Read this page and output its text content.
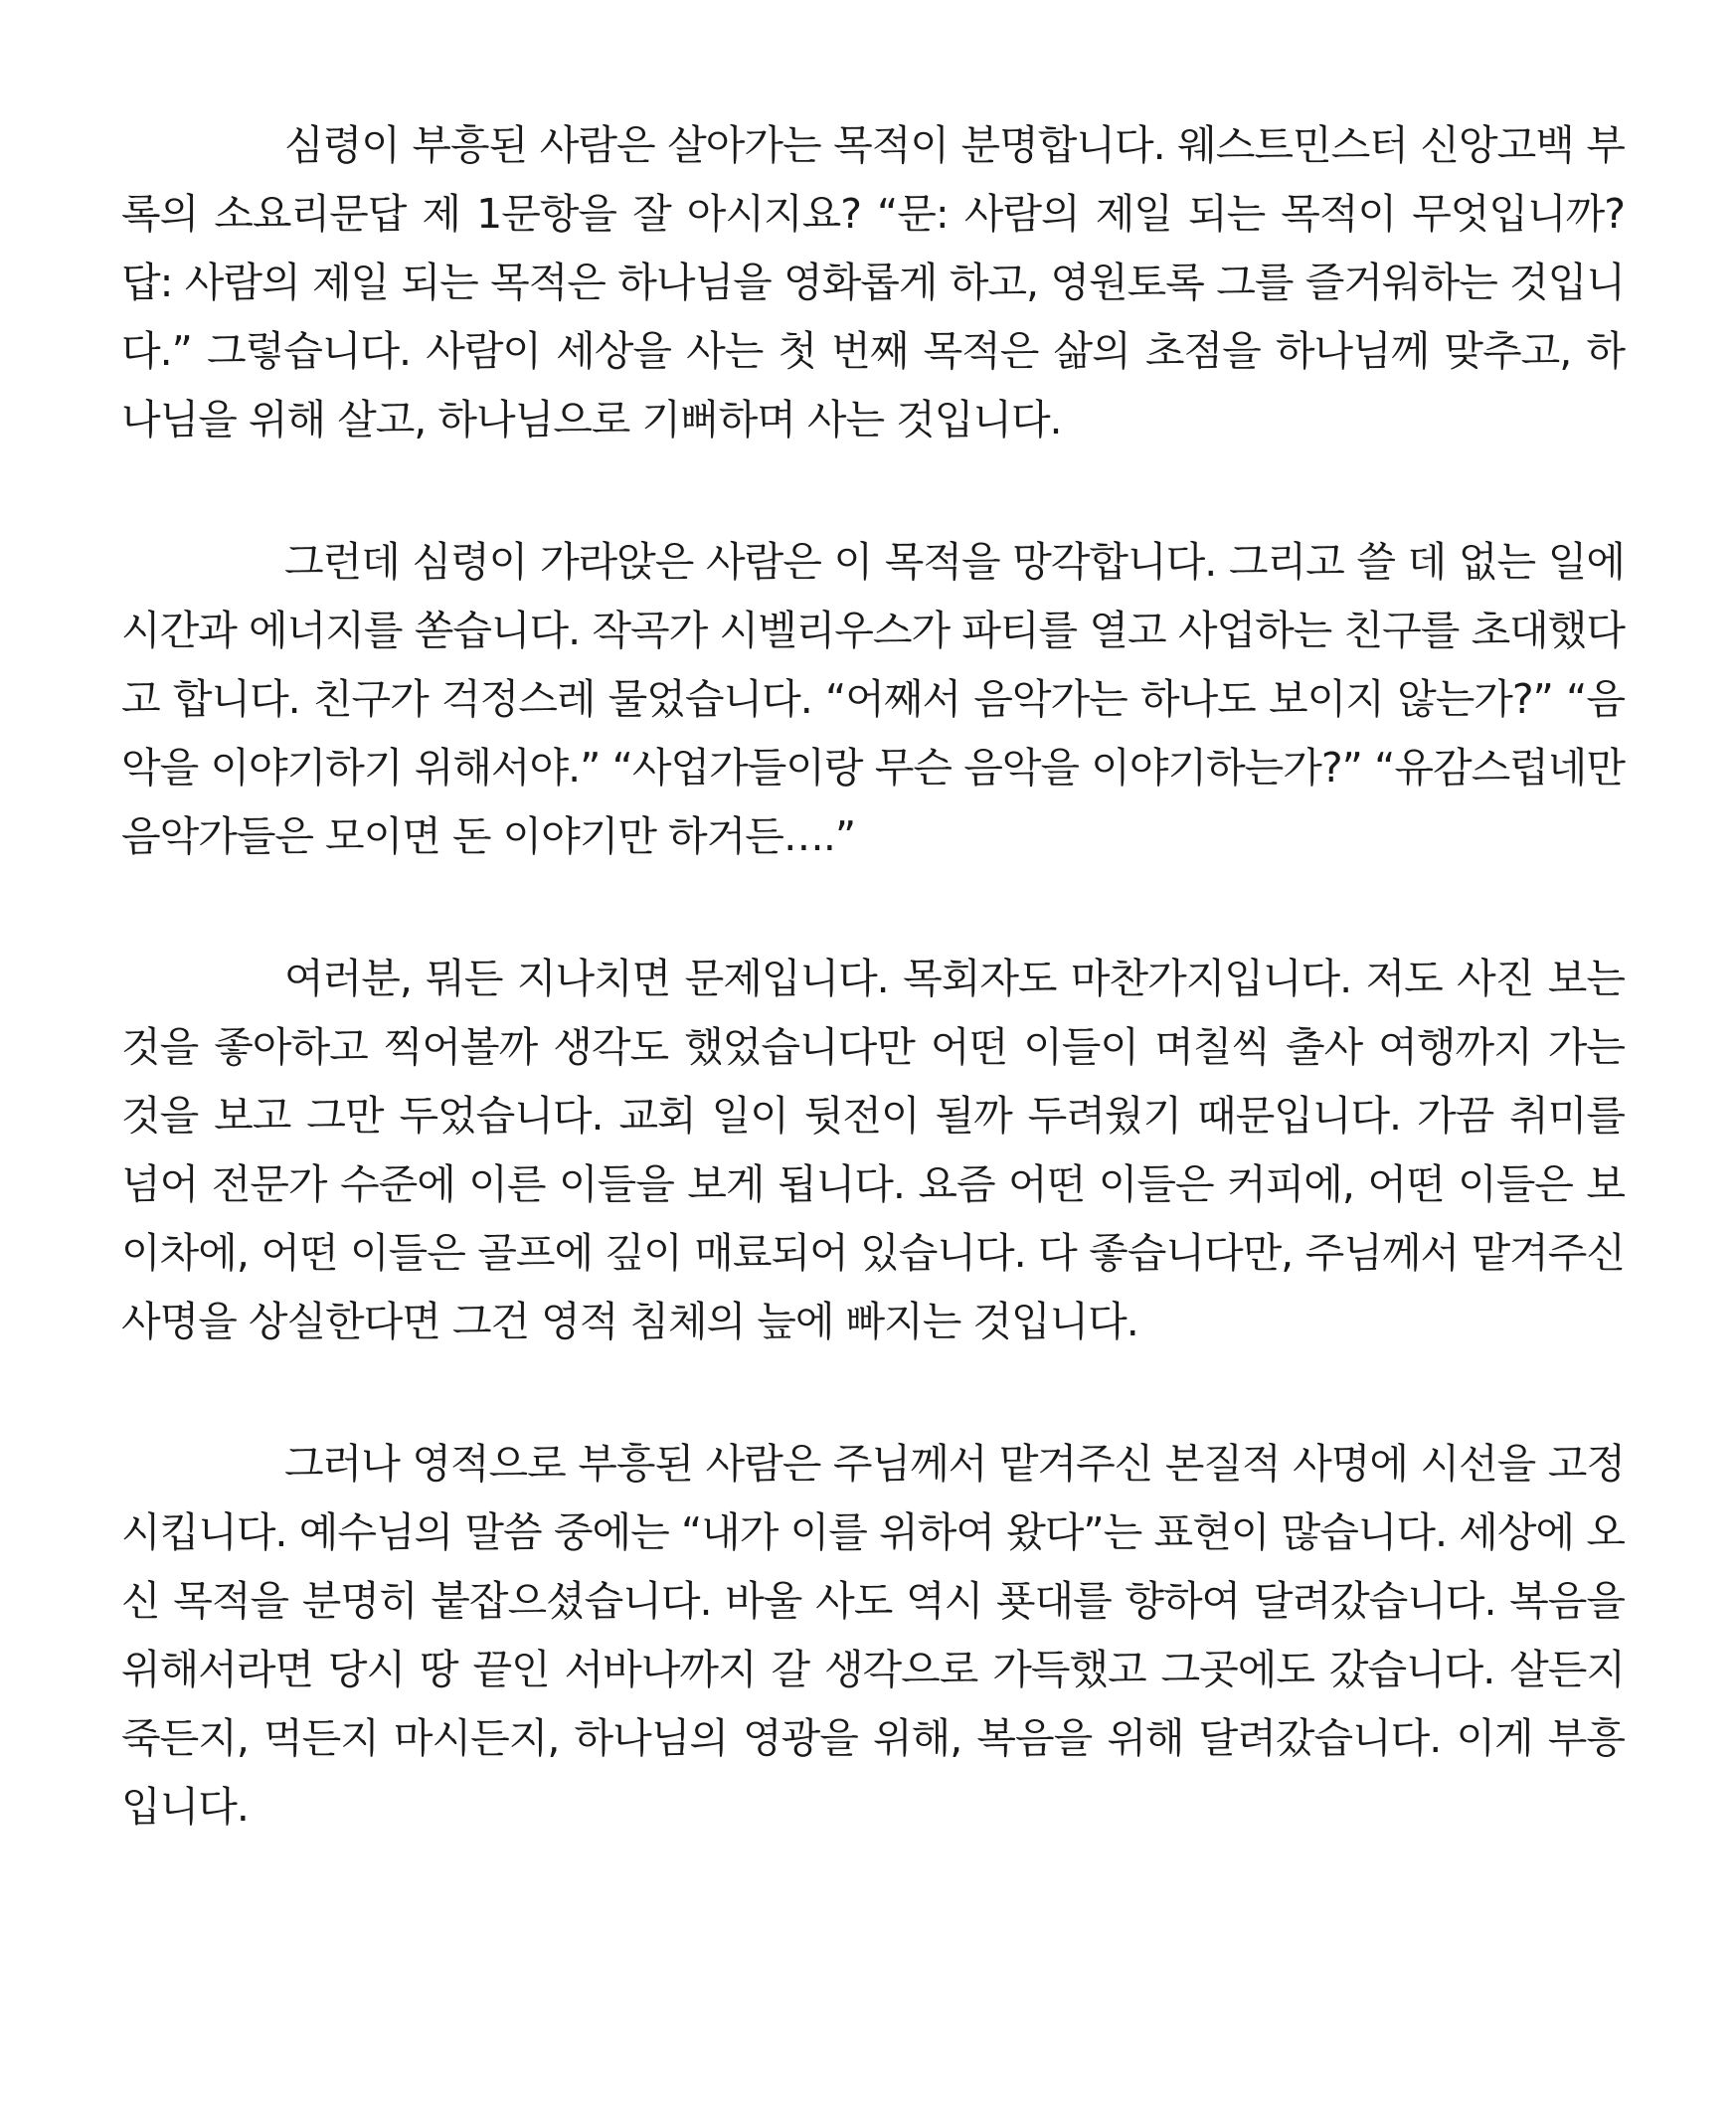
심령이 부흥된 사람은 살아가는 목적이 분명합니다. 웨스트민스터 신앙고백 부록의 소요리문답 제 1문항을 잘 아시지요? “문: 사람의 제일 되는 목적이 무엇입니까? 답: 사람의 제일 되는 목적은 하나님을 영화롭게 하고, 영원토록 그를 즐거워하는 것입니다.” 그렇습니다. 사람이 세상을 사는 첫 번째 목적은 삶의 초점을 하나님께 맞추고, 하나님을 위해 살고, 하나님으로 기뻐하며 사는 것입니다.

그런데 심령이 가라앉은 사람은 이 목적을 망각합니다. 그리고 쓸 데 없는 일에 시간과 에너지를 쏟습니다. 작곡가 시벨리우스가 파티를 열고 사업하는 친구를 초대했다고 합니다. 친구가 걱정스레 물었습니다. “어째서 음악가는 하나도 보이지 않는가?” “음악을 이야기하기 위해서야.” “사업가들이랑 무슨 음악을 이야기하는가?” “유감스럽네만 음악가들은 모이면 돈 이야기만 하거든….”

여러분, 뭐든 지나치면 문제입니다. 목회자도 마찬가지입니다. 저도 사진 보는 것을 좋아하고 찍어볼까 생각도 했었습니다만 어떤 이들이 며칠씩 출사 여행까지 가는 것을 보고 그만 두었습니다. 교회 일이 뒷전이 될까 두려웠기 때문입니다. 가끔 취미를 넘어 전문가 수준에 이른 이들을 보게 됩니다. 요즘 어떤 이들은 커피에, 어떤 이들은 보이차에, 어떤 이들은 골프에 깊이 매료되어 있습니다. 다 좋습니다만, 주님께서 맡겨주신 사명을 상실한다면 그건 영적 침체의 늪에 빠지는 것입니다.

그러나 영적으로 부흥된 사람은 주님께서 맡겨주신 본질적 사명에 시선을 고정시킵니다. 예수님의 말씀 중에는 “내가 이를 위하여 왔다”는 표현이 많습니다. 세상에 오신 목적을 분명히 붙잡으셨습니다. 바울 사도 역시 푯대를 향하여 달려갔습니다. 복음을 위해서라면 당시 땅 끝인 서바나까지 갈 생각으로 가득했고 그곳에도 갔습니다. 살든지 죽든지, 먹든지 마시든지, 하나님의 영광을 위해, 복음을 위해 달려갔습니다. 이게 부흥입니다.
